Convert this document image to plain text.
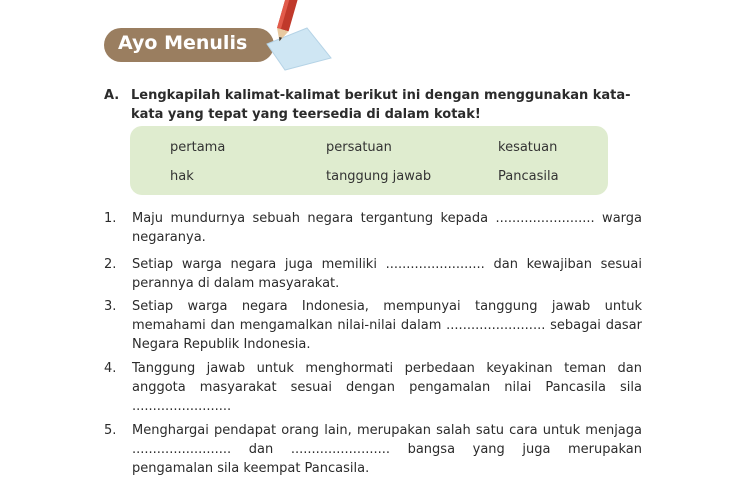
Ayo Menulis
A. Lengkapilah kalimat-kalimat berikut ini dengan menggunakan kata-kata yang tepat yang teersedia di dalam kotak!
pertama	persatuan	kesatuan
hak	tanggung jawab	Pancasila
1. Maju mundurnya sebuah negara tergantung kepada ........................ warga negaranya.
2. Setiap warga negara juga memiliki ........................ dan kewajiban sesuai perannya di dalam masyarakat.
3. Setiap warga negara Indonesia, mempunyai tanggung jawab untuk memahami dan mengamalkan nilai-nilai dalam ........................ sebagai dasar Negara Republik Indonesia.
4. Tanggung jawab untuk menghormati perbedaan keyakinan teman dan anggota masyarakat sesuai dengan pengamalan nilai Pancasila sila ........................
5. Menghargai pendapat orang lain, merupakan salah satu cara untuk menjaga ........................ dan ........................ bangsa yang juga merupakan pengamalan sila keempat Pancasila.
